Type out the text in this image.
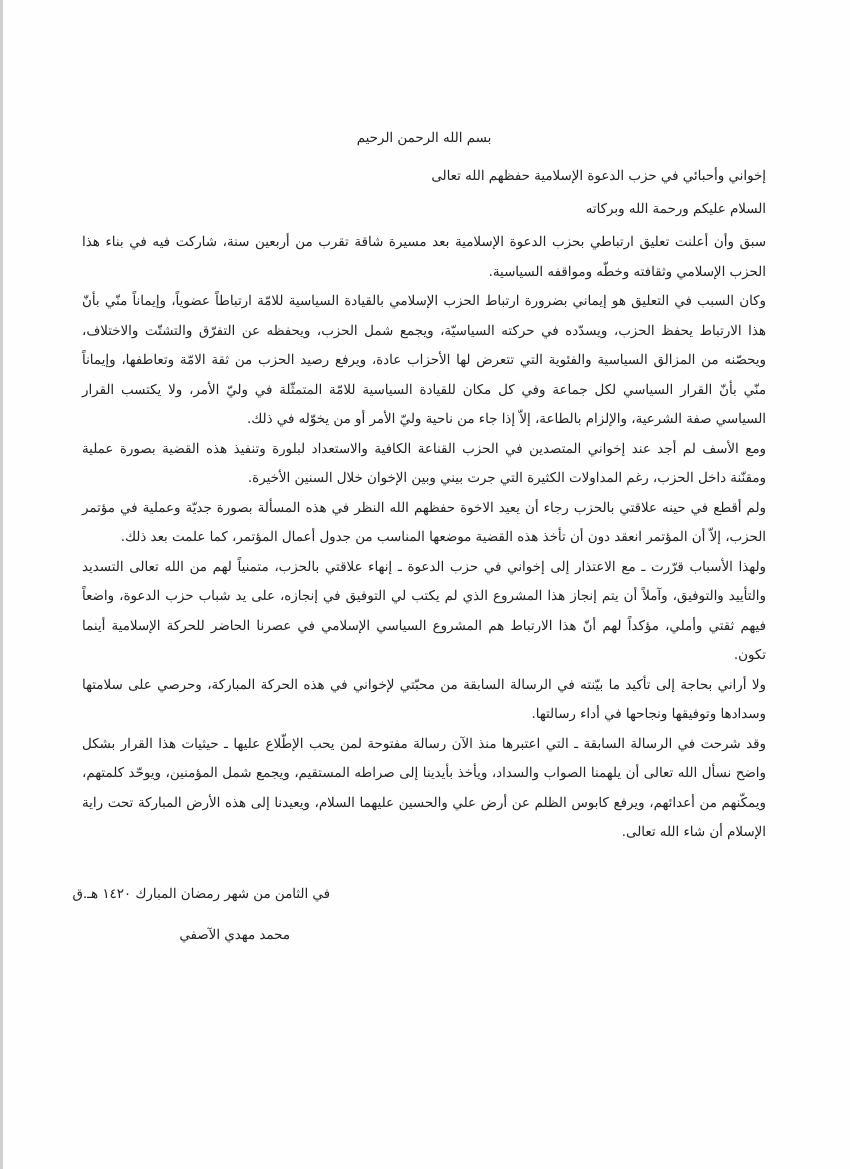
بسم الله الرحمن الرحيم

إخواني وأحبائي في حزب الدعوة الإسلامية حفظهم الله تعالى

السلام عليكم ورحمة الله وبركاته

سبق وأن أعلنت تعليق ارتباطي بحزب الدعوة الإسلامية بعد مسيرة شاقة تقرب من أربعين سنة، شاركت فيه في بناء هذا الحزب الإسلامي وثقافته وخطّه ومواقفه السياسية.

وكان السبب في التعليق هو إيماني بضرورة ارتباط الحزب الإسلامي بالقيادة السياسية للامّة ارتباطاً عضوياً، وإيماناً منّي بأنّ هذا الارتباط يحفظ الحزب، ويسدّده في حركته السياسيّة، ويجمع شمل الحزب، ويحفظه عن التفرّق والتشتّت والاختلاف، ويحصّنه من المزالق السياسية والفئوية التي تتعرض لها الأحزاب عادة، ويرفع رصيد الحزب من ثقة الامّة وتعاطفها، وإيماناً منّي بأنّ القرار السياسي لكل جماعة وفي كل مكان للقيادة السياسية للامّة المتمثّلة في وليّ الأمر، ولا يكتسب القرار السياسي صفة الشرعية، والإلزام بالطاعة، إلاّ إذا جاء من ناحية وليّ الأمر أو من يخوّله في ذلك.

ومع الأسف لم أجد عند إخواني المتصدين في الحزب القناعة الكافية والاستعداد لبلورة وتنفيذ هذه القضية بصورة عملية ومقنّنة داخل الحزب، رغم المداولات الكثيرة التي جرت بيني وبين الإخوان خلال السنين الأخيرة.

ولم أقطع في حينه علاقتي بالحزب رجاء أن يعيد الاخوة حفظهم الله النظر في هذه المسألة بصورة جديّة وعملية في مؤتمر الحزب، إلاّ أن المؤتمر انعقد دون أن تأخذ هذه القضية موضعها المناسب من جدول أعمال المؤتمر، كما علمت بعد ذلك.

ولهذا الأسباب قرّرت ـ مع الاعتذار إلى إخواني في حزب الدعوة ـ إنهاء علاقتي بالحزب، متمنياً لهم من الله تعالى التسديد والتأييد والتوفيق، وآملاً أن يتم إنجاز هذا المشروع الذي لم يكتب لي التوفيق في إنجازه، على يد شباب حزب الدعوة، واضعاً فيهم ثقتي وأملي، مؤكداً لهم أنّ هذا الارتباط هم المشروع السياسي الإسلامي في عصرنا الحاضر للحركة الإسلامية أينما تكون.

ولا أراني بحاجة إلى تأكيد ما بيّنته في الرسالة السابقة من محبّتي لإخواني في هذه الحركة المباركة، وحرصي على سلامتها وسدادها وتوفيقها ونجاحها في أداء رسالتها.

وقد شرحت في الرسالة السابقة ـ التي اعتبرها منذ الآن رسالة مفتوحة لمن يحب الإطّلاع عليها ـ حيثيات هذا القرار بشكل واضح نسأل الله تعالى أن يلهمنا الصواب والسداد، ويأخذ بأيدينا إلى صراطه المستقيم، ويجمع شمل المؤمنين، ويوحّد كلمتهم، ويمكّنهم من أعدائهم، ويرفع كابوس الظلم عن أرض علي والحسين عليهما السلام، ويعيدنا إلى هذه الأرض المباركة تحت راية الإسلام أن شاء الله تعالى.

في الثامن من شهر رمضان المبارك ١٤٢٠ هـ.ق
محمد مهدي الآصفي
